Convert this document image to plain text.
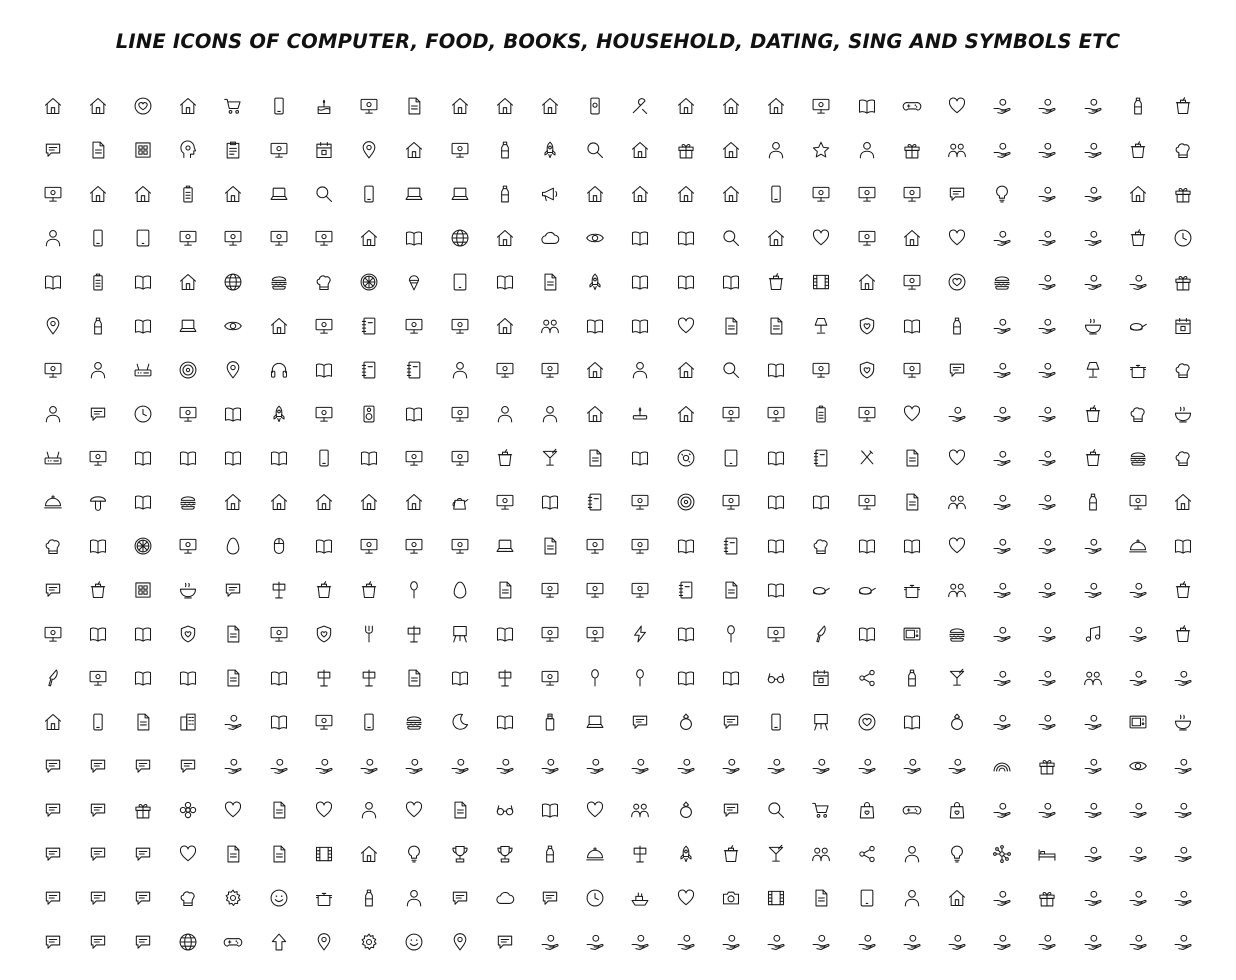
LINE ICONS OF COMPUTER, FOOD, BOOKS, HOUSEHOLD, DATING, SING AND SYMBOLS ETC
